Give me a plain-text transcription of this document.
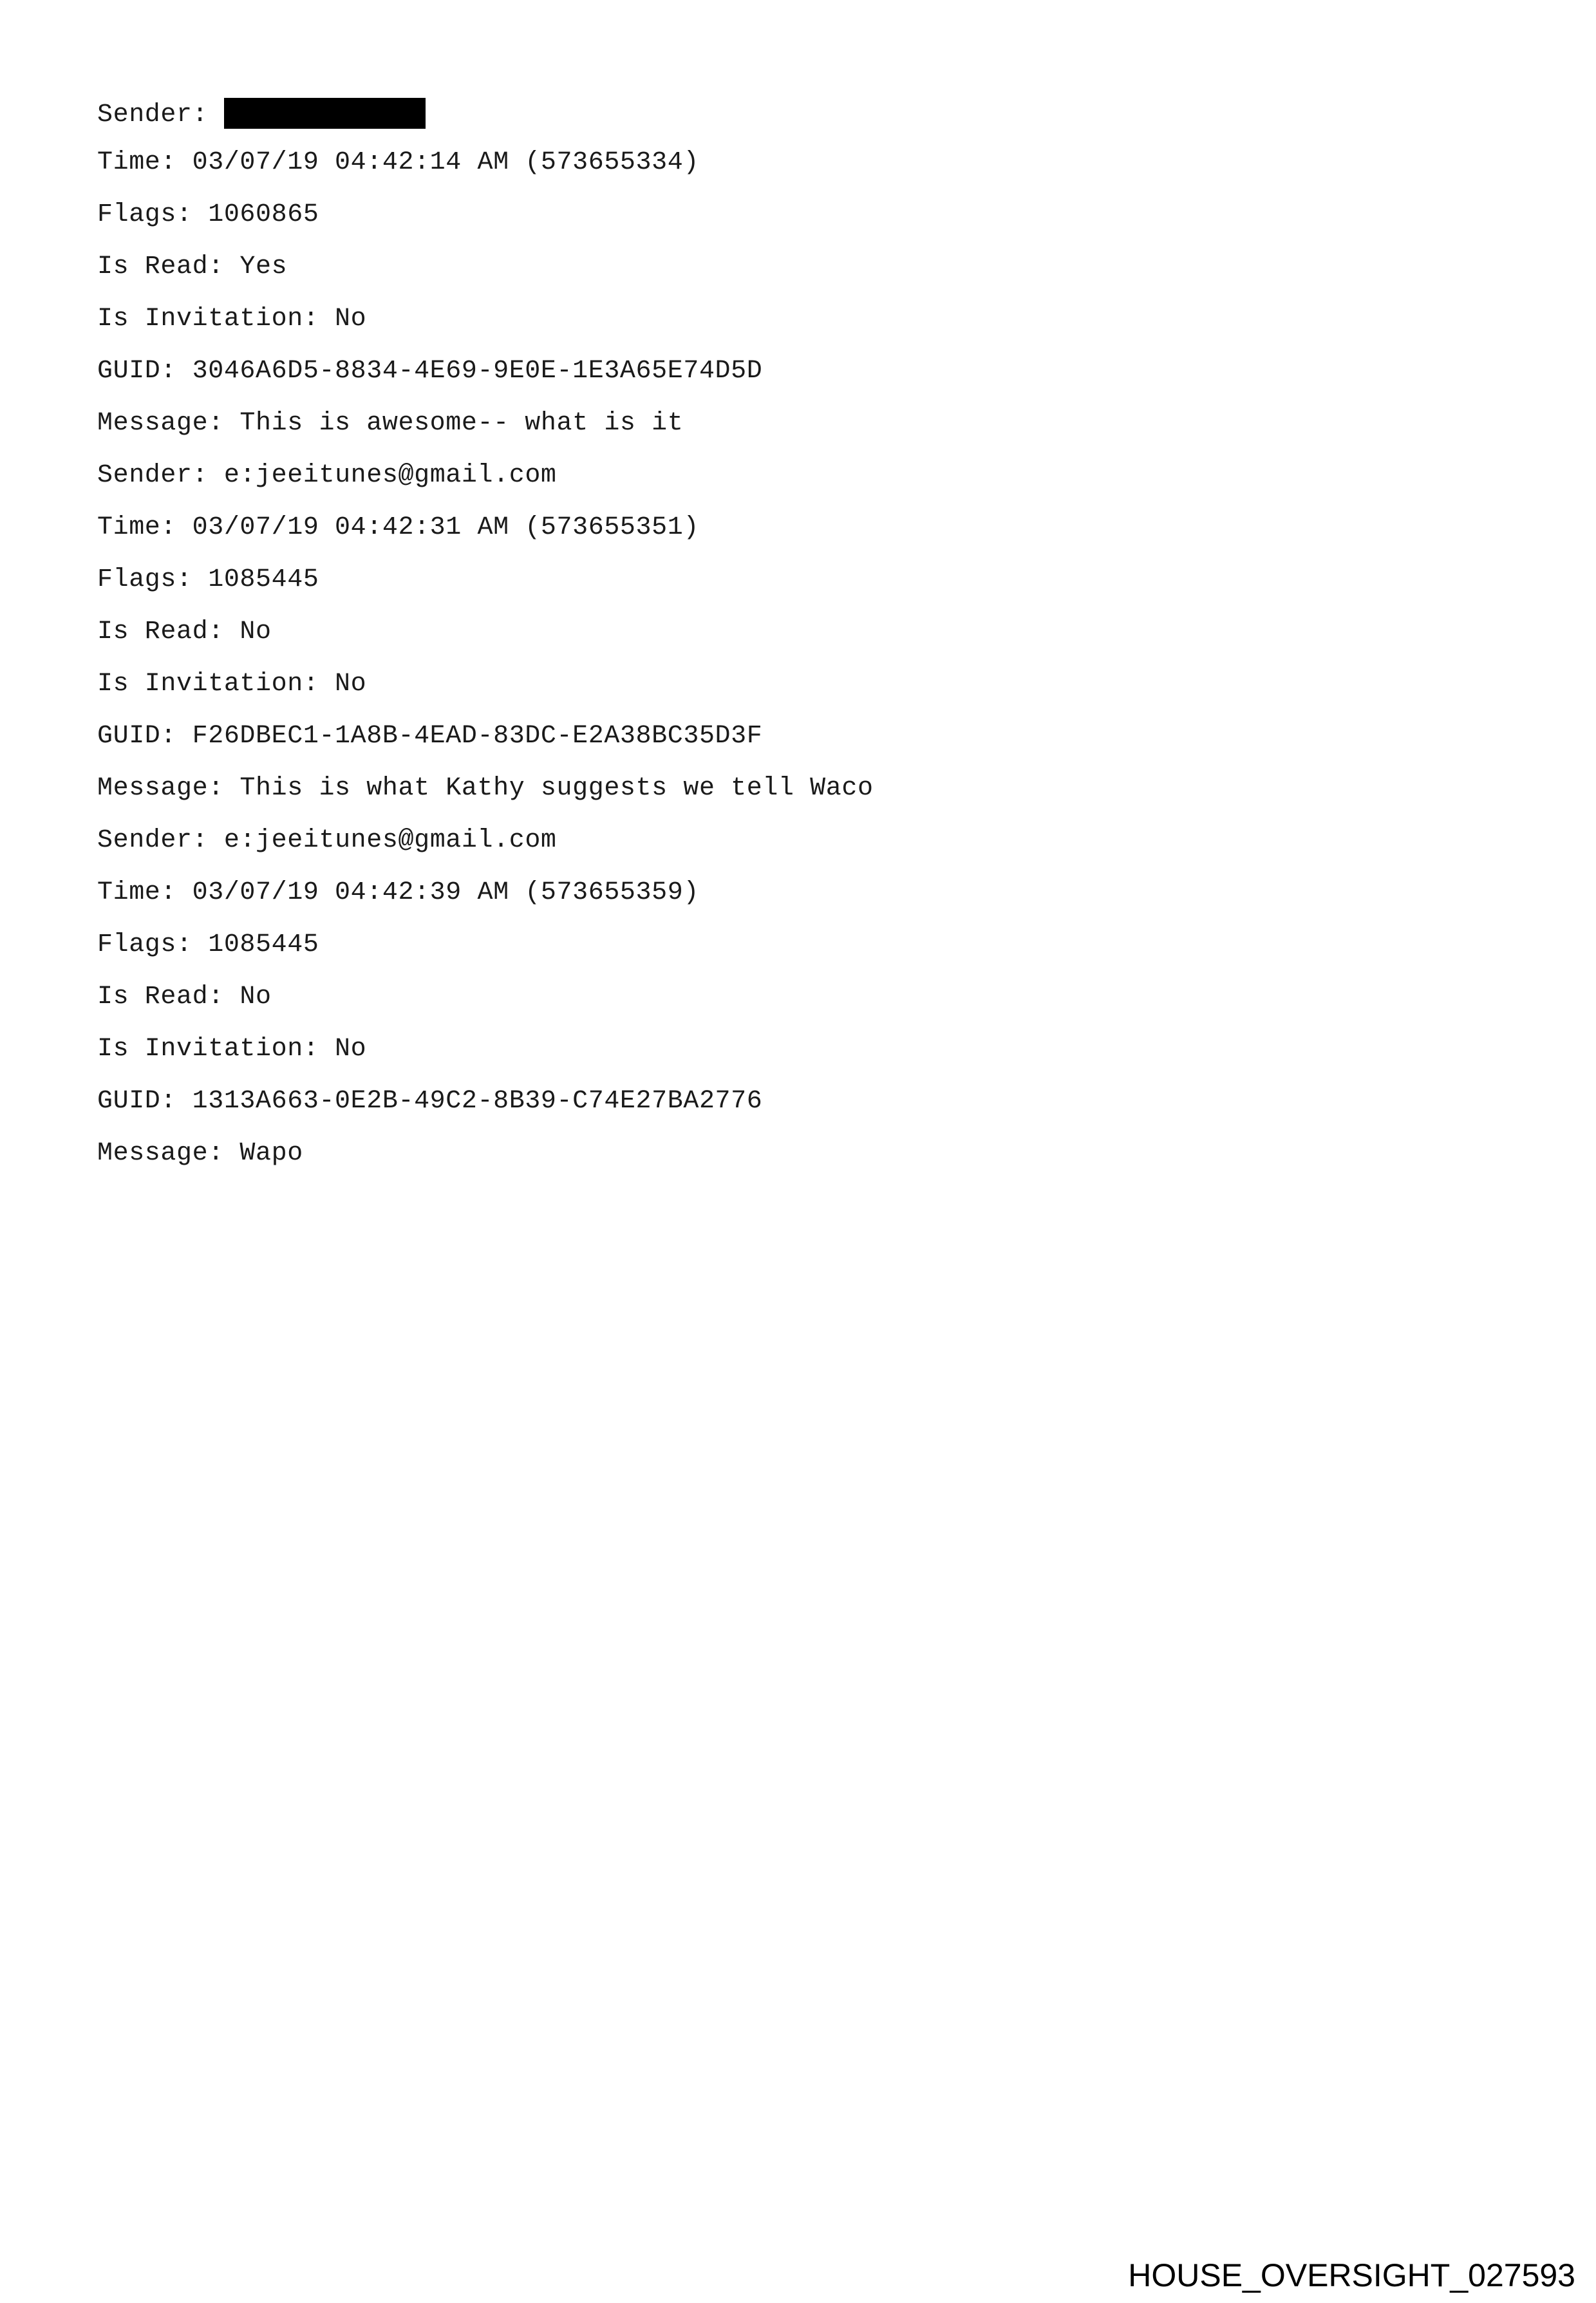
Sender:
Time: 03/07/19 04:42:14 AM (573655334)
Flags: 1060865
Is Read: Yes
Is Invitation: No
GUID: 3046A6D5-8834-4E69-9E0E-1E3A65E74D5D
Message: This is awesome-- what is it
Sender: e:jeeitunes@gmail.com
Time: 03/07/19 04:42:31 AM (573655351)
Flags: 1085445
Is Read: No
Is Invitation: No
GUID: F26DBEC1-1A8B-4EAD-83DC-E2A38BC35D3F
Message: This is what Kathy suggests we tell Waco
Sender: e:jeeitunes@gmail.com
Time: 03/07/19 04:42:39 AM (573655359)
Flags: 1085445
Is Read: No
Is Invitation: No
GUID: 1313A663-0E2B-49C2-8B39-C74E27BA2776
Message: Wapo
HOUSE_OVERSIGHT_027593
